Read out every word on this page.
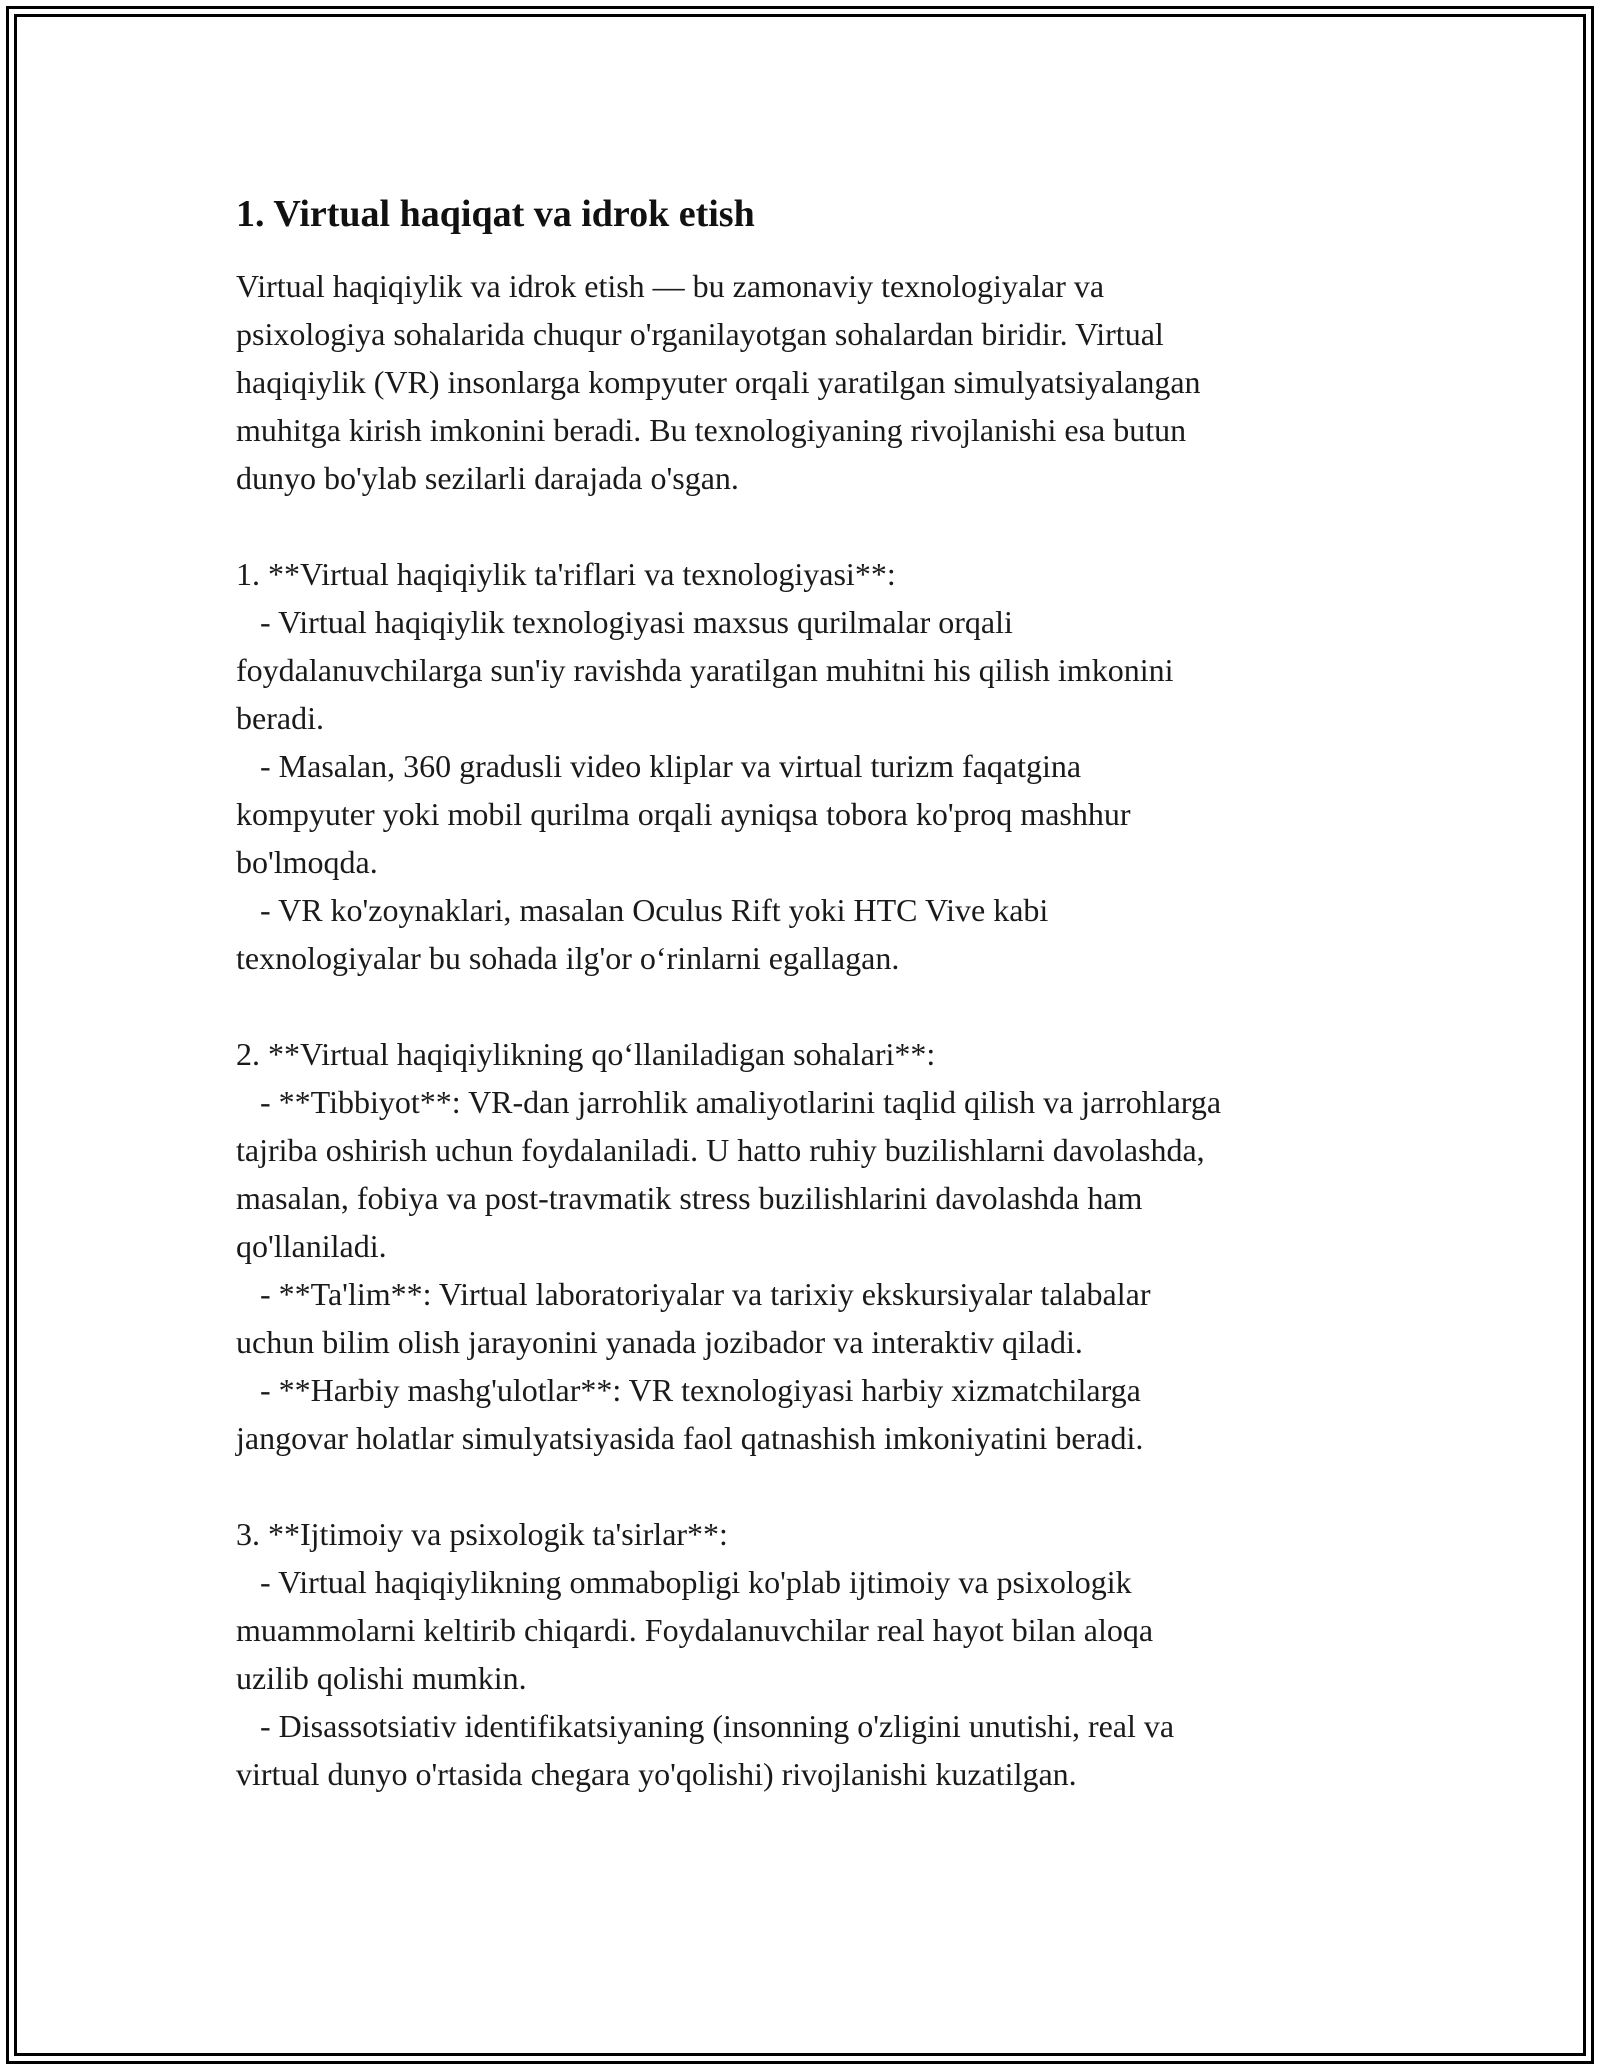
1. Virtual haqiqat va idrok etish

Virtual haqiqiylik va idrok etish — bu zamonaviy texnologiyalar va
psixologiya sohalarida chuqur o'rganilayotgan sohalardan biridir. Virtual
haqiqiylik (VR) insonlarga kompyuter orqali yaratilgan simulyatsiyalangan
muhitga kirish imkonini beradi. Bu texnologiyaning rivojlanishi esa butun
dunyo bo'ylab sezilarli darajada o'sgan.

1. **Virtual haqiqiylik ta'riflari va texnologiyasi**:
- Virtual haqiqiylik texnologiyasi maxsus qurilmalar orqali
foydalanuvchilarga sun'iy ravishda yaratilgan muhitni his qilish imkonini
beradi.
- Masalan, 360 gradusli video kliplar va virtual turizm faqatgina
kompyuter yoki mobil qurilma orqali ayniqsa tobora ko'proq mashhur
bo'lmoqda.
- VR ko'zoynaklari, masalan Oculus Rift yoki HTC Vive kabi
texnologiyalar bu sohada ilg'or o‘rinlarni egallagan.

2. **Virtual haqiqiylikning qo‘llaniladigan sohalari**:
- **Tibbiyot**: VR-dan jarrohlik amaliyotlarini taqlid qilish va jarrohlarga
tajriba oshirish uchun foydalaniladi. U hatto ruhiy buzilishlarni davolashda,
masalan, fobiya va post-travmatik stress buzilishlarini davolashda ham
qo'llaniladi.
- **Ta'lim**: Virtual laboratoriyalar va tarixiy ekskursiyalar talabalar
uchun bilim olish jarayonini yanada jozibador va interaktiv qiladi.
- **Harbiy mashg'ulotlar**: VR texnologiyasi harbiy xizmatchilarga
jangovar holatlar simulyatsiyasida faol qatnashish imkoniyatini beradi.

3. **Ijtimoiy va psixologik ta'sirlar**:
- Virtual haqiqiylikning ommabopligi ko'plab ijtimoiy va psixologik
muammolarni keltirib chiqardi. Foydalanuvchilar real hayot bilan aloqa
uzilib qolishi mumkin.
- Disassotsiativ identifikatsiyaning (insonning o'zligini unutishi, real va
virtual dunyo o'rtasida chegara yo'qolishi) rivojlanishi kuzatilgan.
